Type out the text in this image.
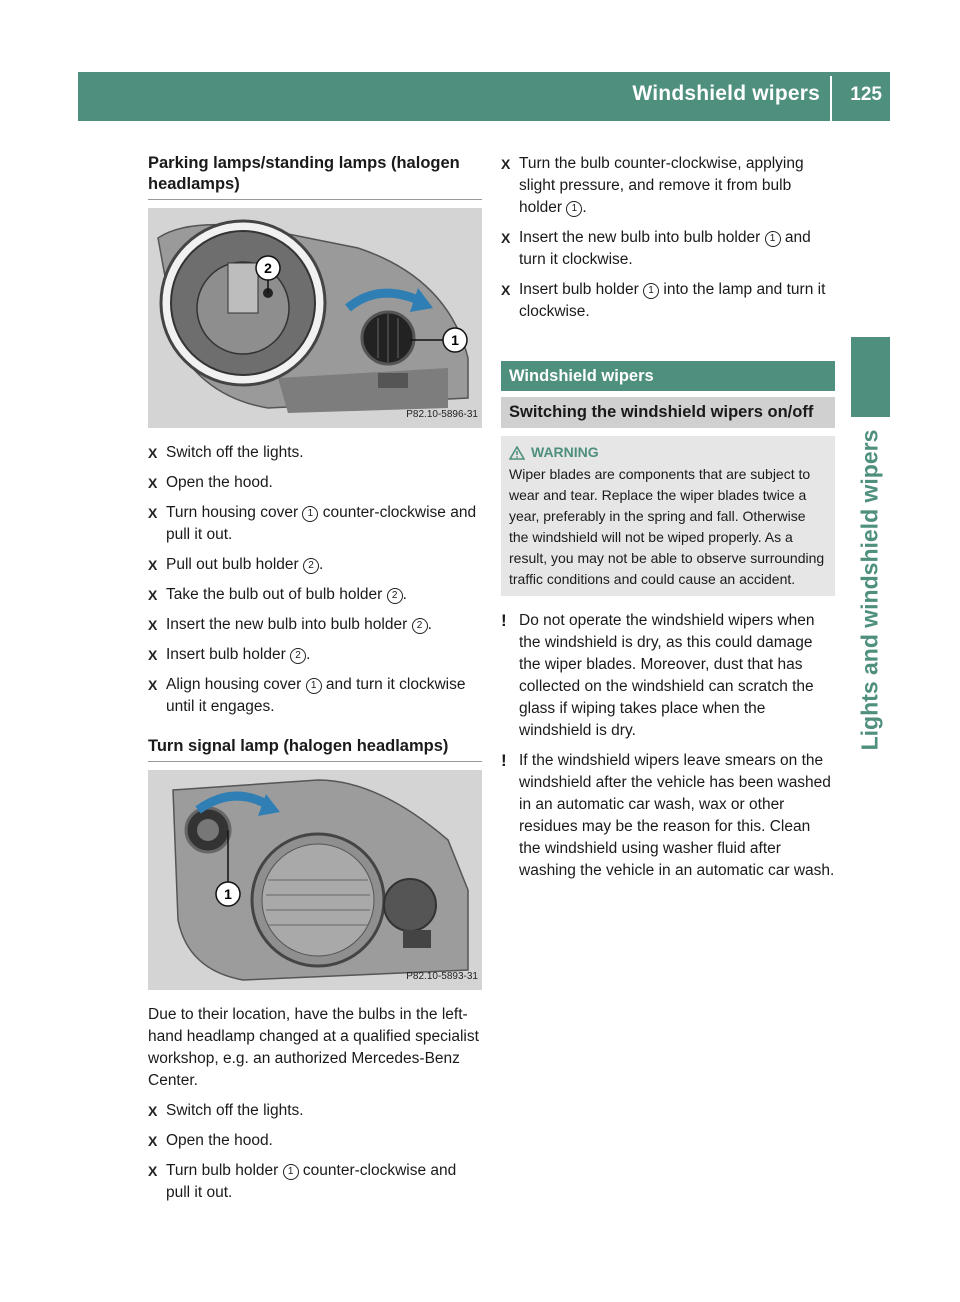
Windshield wipers 125
Lights and windshield wipers
Parking lamps/standing lamps (halogen headlamps)
2
1
P82.10-5896-31
X Switch off the lights.
X Open the hood.
X Turn housing cover 1 counter-clockwise and pull it out.
X Pull out bulb holder 2 .
X Take the bulb out of bulb holder 2 .
X Insert the new bulb into bulb holder 2 .
X Insert bulb holder 2 .
X Align housing cover 1 and turn it clockwise until it engages.
Turn signal lamp (halogen headlamps)
1
P82.10-5893-31

Due to their location, have the bulbs in the left-hand headlamp changed at a qualified specialist workshop, e.g. an authorized Mercedes-Benz Center.

X Switch off the lights.
X Open the hood.
X Turn bulb holder 1 counter-clockwise and pull it out.
X Turn the bulb counter-clockwise, applying slight pressure, and remove it from bulb holder 1 .
X Insert the new bulb into bulb holder 1 and turn it clockwise.
X Insert bulb holder 1 into the lamp and turn it clockwise.
Windshield wipers
Switching the windshield wipers on/off
WARNING
Wiper blades are components that are subject to wear and tear. Replace the wiper blades twice a year, preferably in the spring and fall. Otherwise the windshield will not be wiped properly. As a result, you may not be able to observe surrounding traffic conditions and could cause an accident.
! Do not operate the windshield wipers when the windshield is dry, as this could damage the wiper blades. Moreover, dust that has collected on the windshield can scratch the glass if wiping takes place when the windshield is dry.
! If the windshield wipers leave smears on the windshield after the vehicle has been washed in an automatic car wash, wax or other residues may be the reason for this. Clean the windshield using washer fluid after washing the vehicle in an automatic car wash.
